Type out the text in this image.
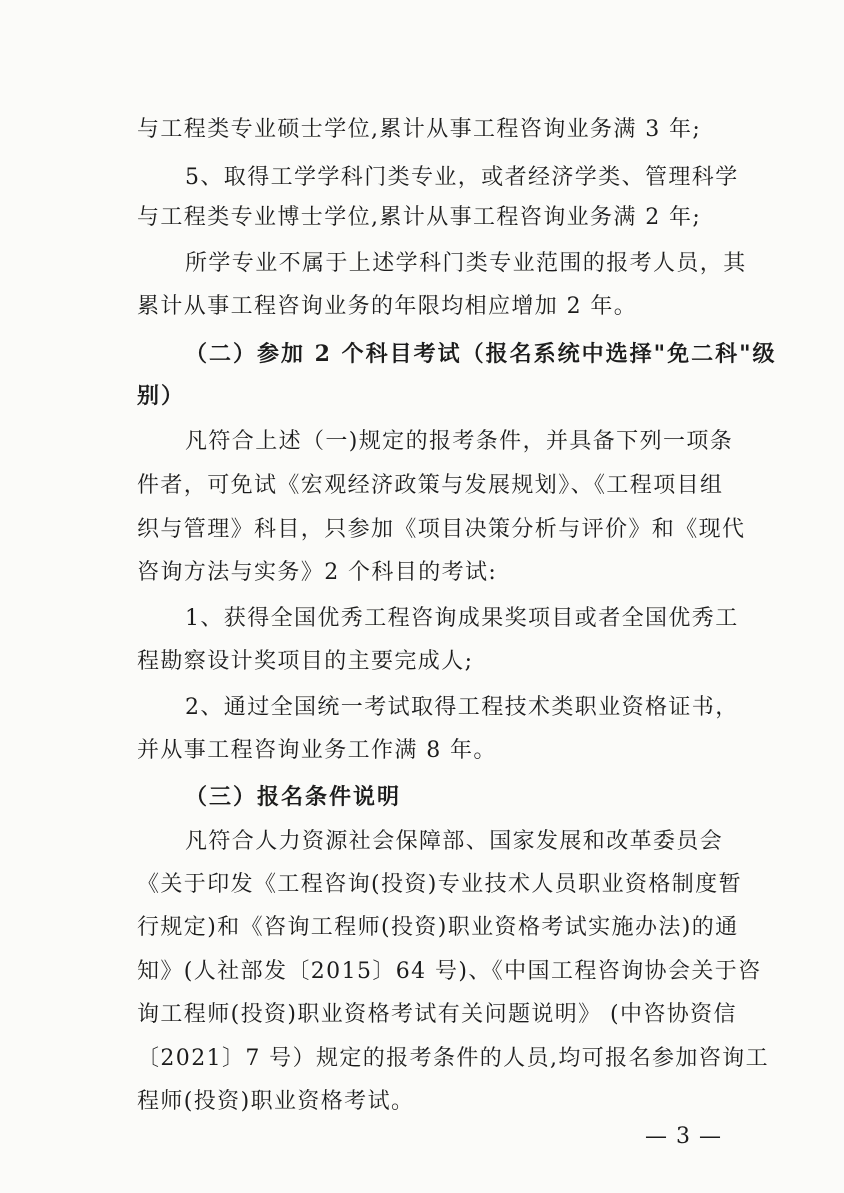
与工程类专业硕士学位,累计从事工程咨询业务满 3 年;
5、取得工学学科门类专业，或者经济学类、管理科学
与工程类专业博士学位,累计从事工程咨询业务满 2 年;
所学专业不属于上述学科门类专业范围的报考人员，其
累计从事工程咨询业务的年限均相应增加 2 年。
（二）参加 2 个科目考试（报名系统中选择"免二科"级
别）
凡符合上述（一)规定的报考条件，并具备下列一项条
件者，可免试《宏观经济政策与发展规划》、《工程项目组
织与管理》科目，只参加《项目决策分析与评价》和《现代
咨询方法与实务》2 个科目的考试:
1、获得全国优秀工程咨询成果奖项目或者全国优秀工
程勘察设计奖项目的主要完成人;
2、通过全国统一考试取得工程技术类职业资格证书，
并从事工程咨询业务工作满 8 年。
（三）报名条件说明
凡符合人力资源社会保障部、国家发展和改革委员会
《关于印发《工程咨询(投资)专业技术人员职业资格制度暂
行规定)和《咨询工程师(投资)职业资格考试实施办法)的通
知》(人社部发〔2015〕64 号)、《中国工程咨询协会关于咨
询工程师(投资)职业资格考试有关问题说明》 (中咨协资信
〔2021〕7 号）规定的报考条件的人员,均可报名参加咨询工
程师(投资)职业资格考试。
— 3 —
